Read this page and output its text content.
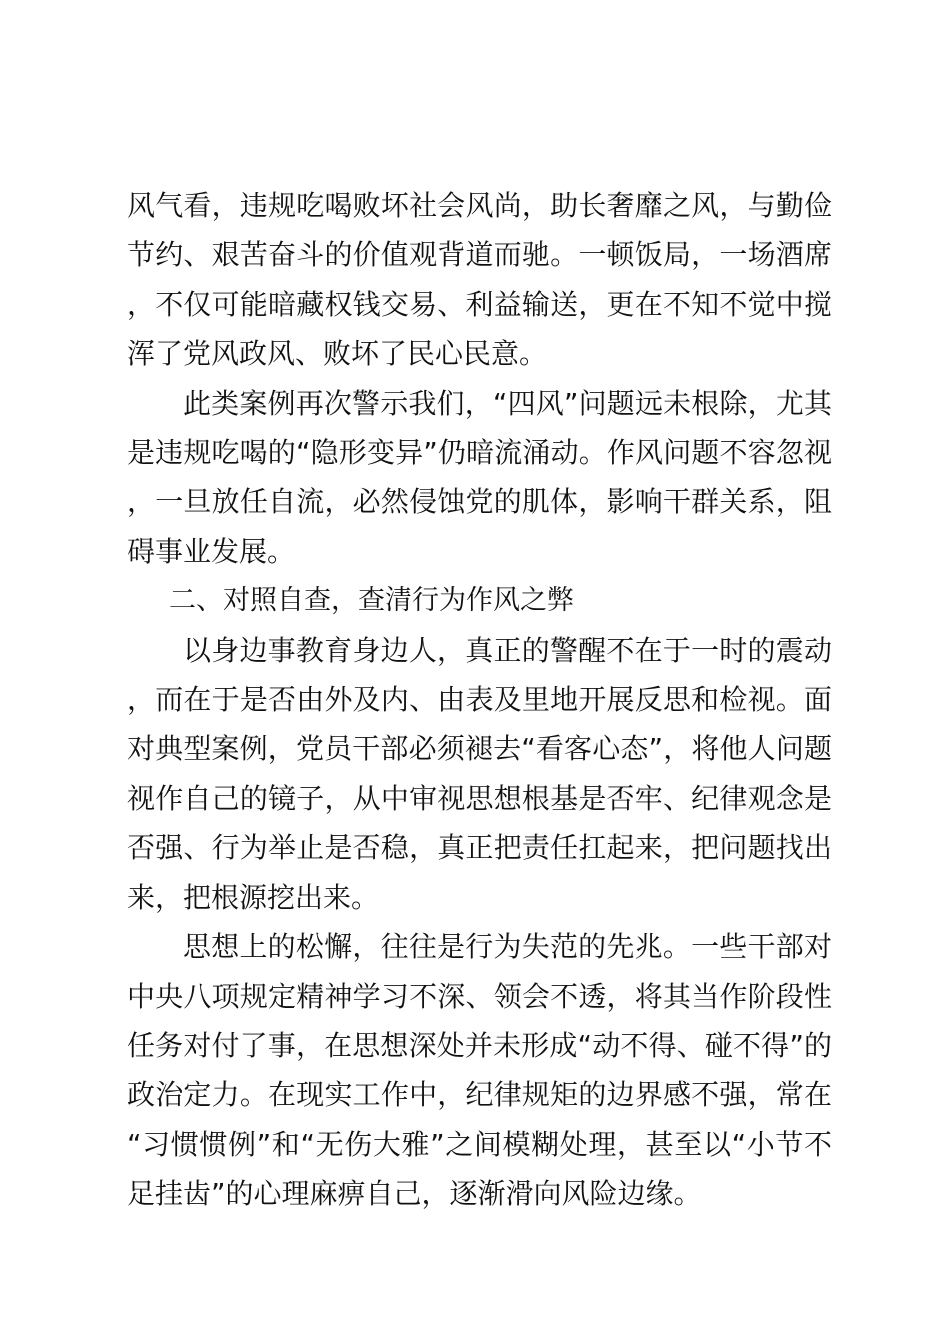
风气看，违规吃喝败坏社会风尚，助长奢靡之风，与勤俭节约、艰苦奋斗的价值观背道而驰。一顿饭局，一场酒席，不仅可能暗藏权钱交易、利益输送，更在不知不觉中搅浑了党风政风、败坏了民心民意。

此类案例再次警示我们，“四风”问题远未根除，尤其是违规吃喝的“隐形变异”仍暗流涌动。作风问题不容忽视，一旦放任自流，必然侵蚀党的肌体，影响干群关系，阻碍事业发展。

二、对照自查，查清行为作风之弊

以身边事教育身边人，真正的警醒不在于一时的震动，而在于是否由外及内、由表及里地开展反思和检视。面对典型案例，党员干部必须褪去“看客心态”，将他人问题视作自己的镜子，从中审视思想根基是否牢、纪律观念是否强、行为举止是否稳，真正把责任扛起来，把问题找出来，把根源挖出来。

思想上的松懈，往往是行为失范的先兆。一些干部对中央八项规定精神学习不深、领会不透，将其当作阶段性任务对付了事，在思想深处并未形成“动不得、碰不得”的政治定力。在现实工作中，纪律规矩的边界感不强，常在“习惯惯例”和“无伤大雅”之间模糊处理，甚至以“小节不足挂齿”的心理麻痹自己，逐渐滑向风险边缘。
